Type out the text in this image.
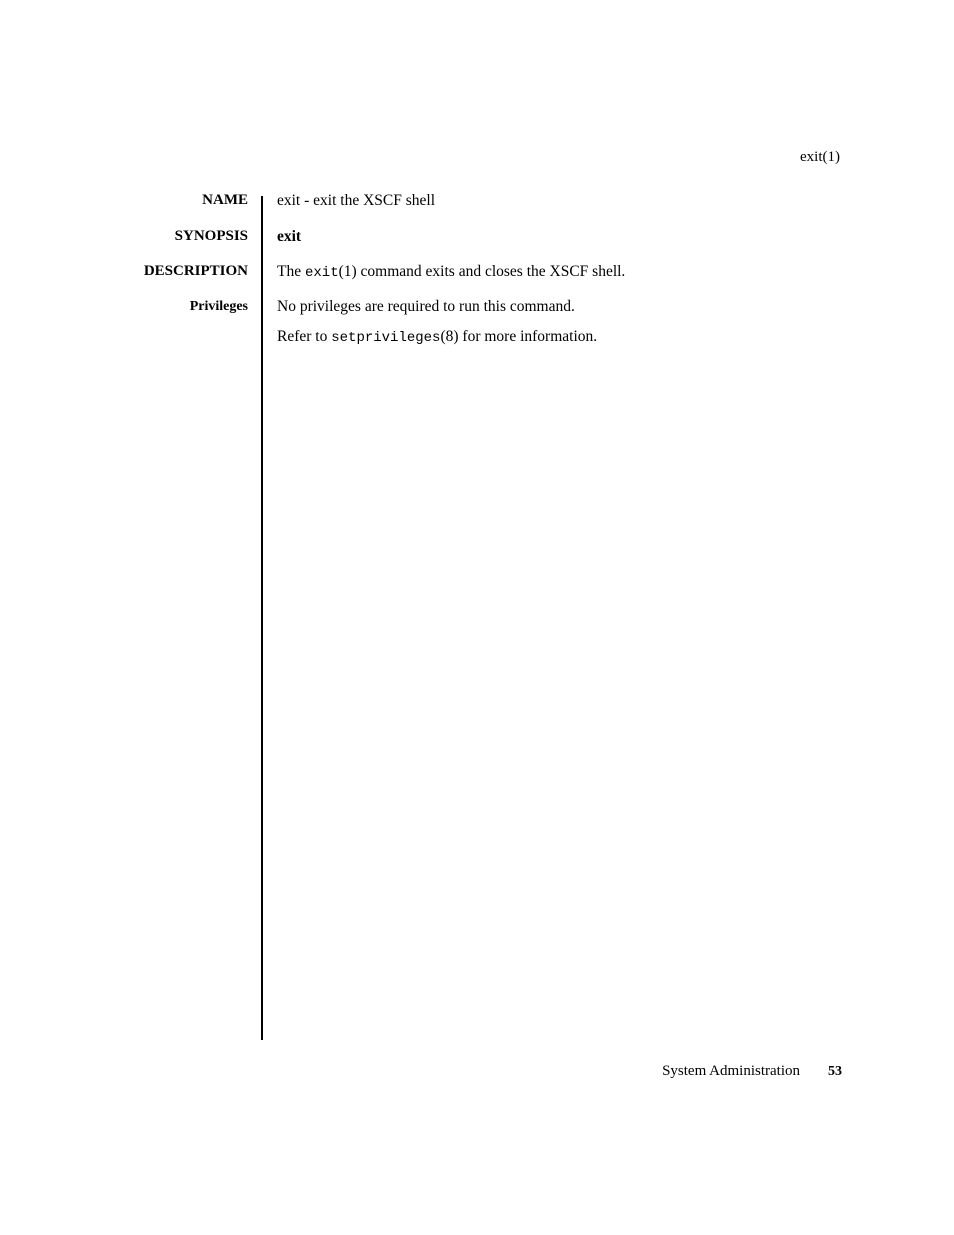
exit(1)
NAME exit - exit the XSCF shell
SYNOPSIS exit
DESCRIPTION The exit(1) command exits and closes the XSCF shell.
Privileges No privileges are required to run this command.
Refer to setprivileges(8) for more information.
System Administration 53
